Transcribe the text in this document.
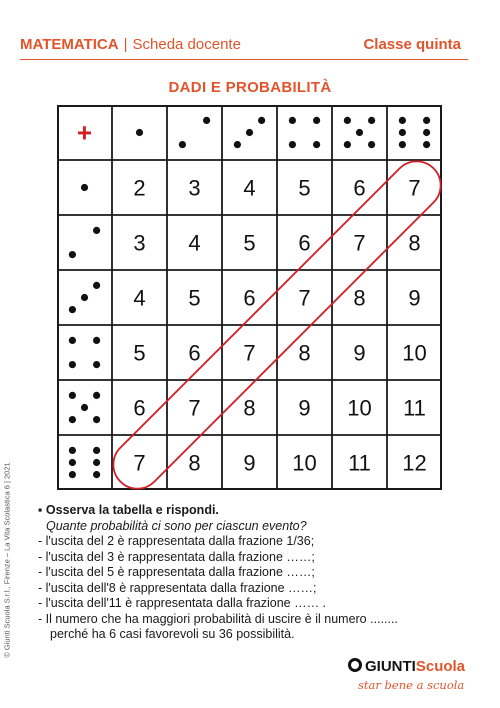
MATEMATICA | Scheda docente	Classe quinta
DADI E PROBABILITÀ
© Giunti Scuola S.r.l., Firenze – La Vita Scolastica 6 | 2021
+
2 3 4 5 6 7
3 4 5 6 7 8
4 5 6 7 8 9
5 6 7 8 9 10
6 7 8 9 10 11
7 8 9 10 11 12
▪ Osserva la tabella e rispondi.
Quante probabilità ci sono per ciascun evento?
- l'uscita del 2 è rappresentata dalla frazione 1/36;
- l'uscita del 3 è rappresentata dalla frazione ……;
- l'uscita del 5 è rappresentata dalla frazione ……;
- l'uscita dell'8 è rappresentata dalla frazione ……;
- l'uscita dell'11 è rappresentata dalla frazione …… .
- Il numero che ha maggiori probabilità di uscire è il numero ........
perché ha 6 casi favorevoli su 36 possibilità.
GIUNTIScuola
star bene a scuola
